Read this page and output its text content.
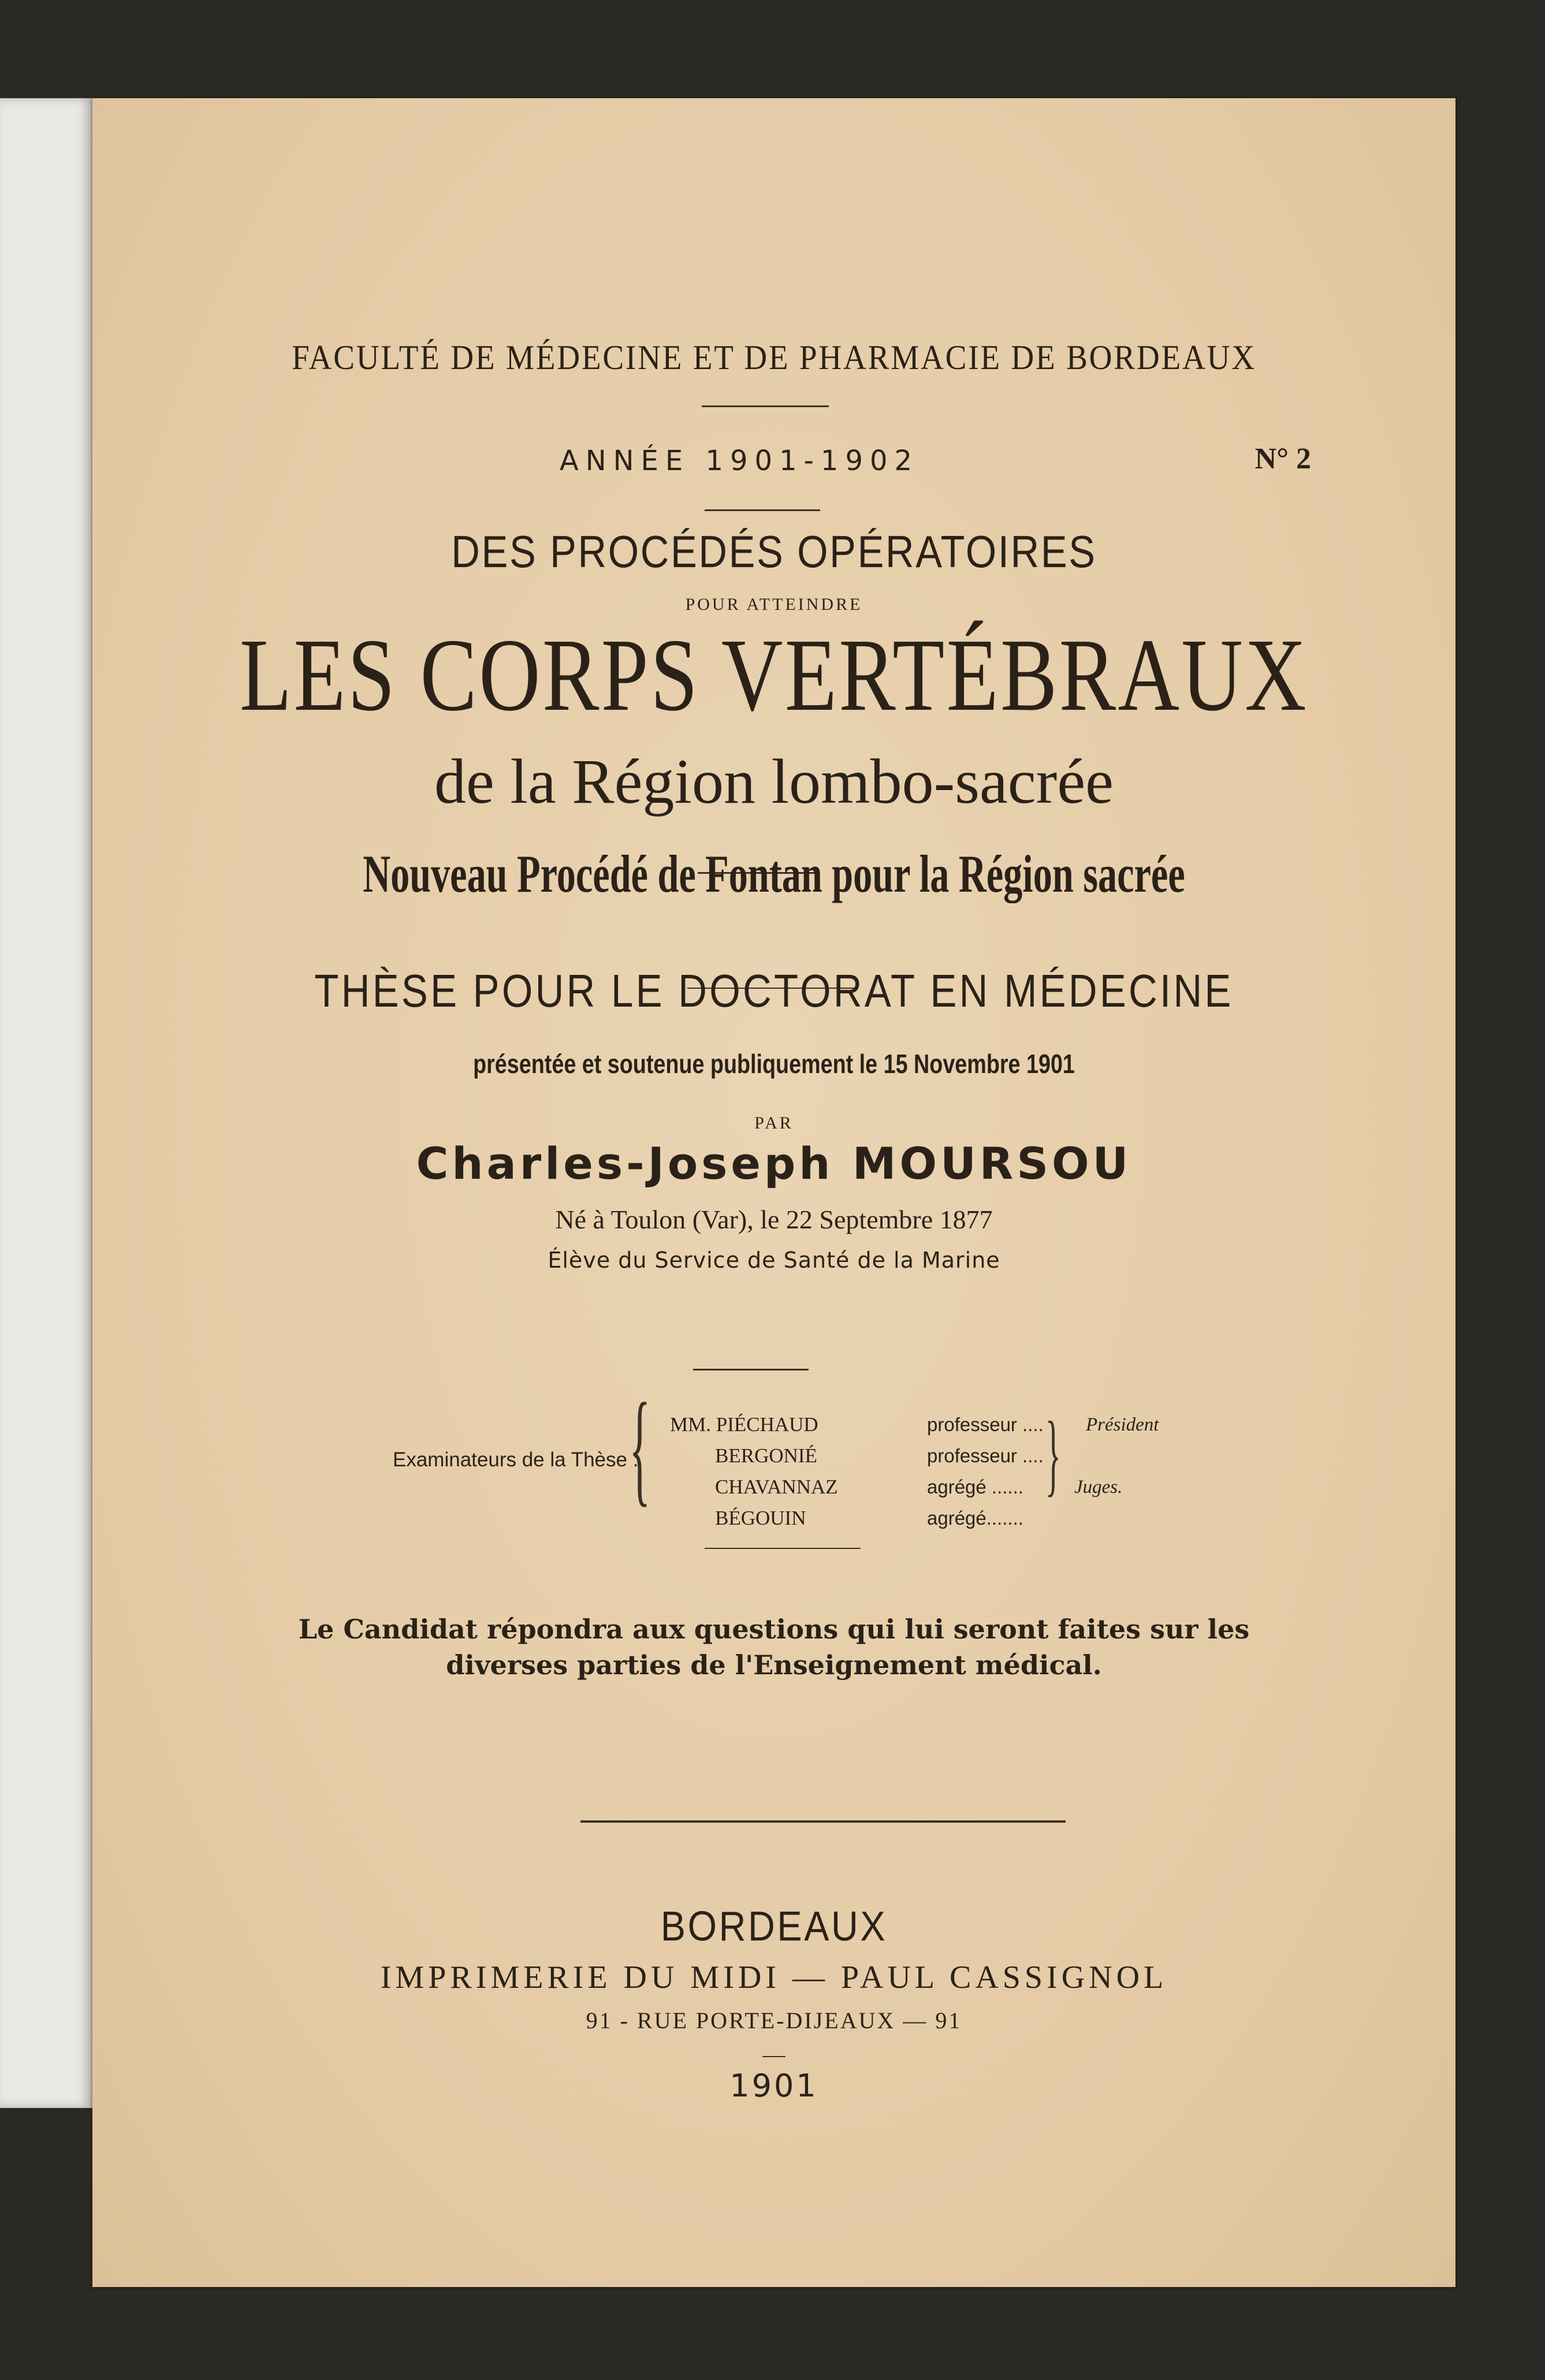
FACULTÉ DE MÉDECINE ET DE PHARMACIE DE BORDEAUX
ANNÉE 1901-1902	N° 2
DES PROCÉDÉS OPÉRATOIRES
POUR ATTEINDRE
LES CORPS VERTÉBRAUX
de la Région lombo-sacrée
Nouveau Procédé de Fontan pour la Région sacrée
THÈSE POUR LE DOCTORAT EN MÉDECINE
présentée et soutenue publiquement le 15 Novembre 1901
PAR
Charles-Joseph MOURSOU
Né à Toulon (Var), le 22 Septembre 1877
Élève du Service de Santé de la Marine
Examinateurs de la Thèse :
{ MM. PIÉCHAUD
BERGONIÉ
CHAVANNAZ
BÉGOUIN
professeur ....
professeur ....
agrégé ......
agrégé.......
}	Président

Juges.
Le Candidat répondra aux questions qui lui seront faites sur les
diverses parties de l'Enseignement médical.
BORDEAUX
IMPRIMERIE DU MIDI — PAUL CASSIGNOL
91 - RUE PORTE-DIJEAUX — 91
1901
